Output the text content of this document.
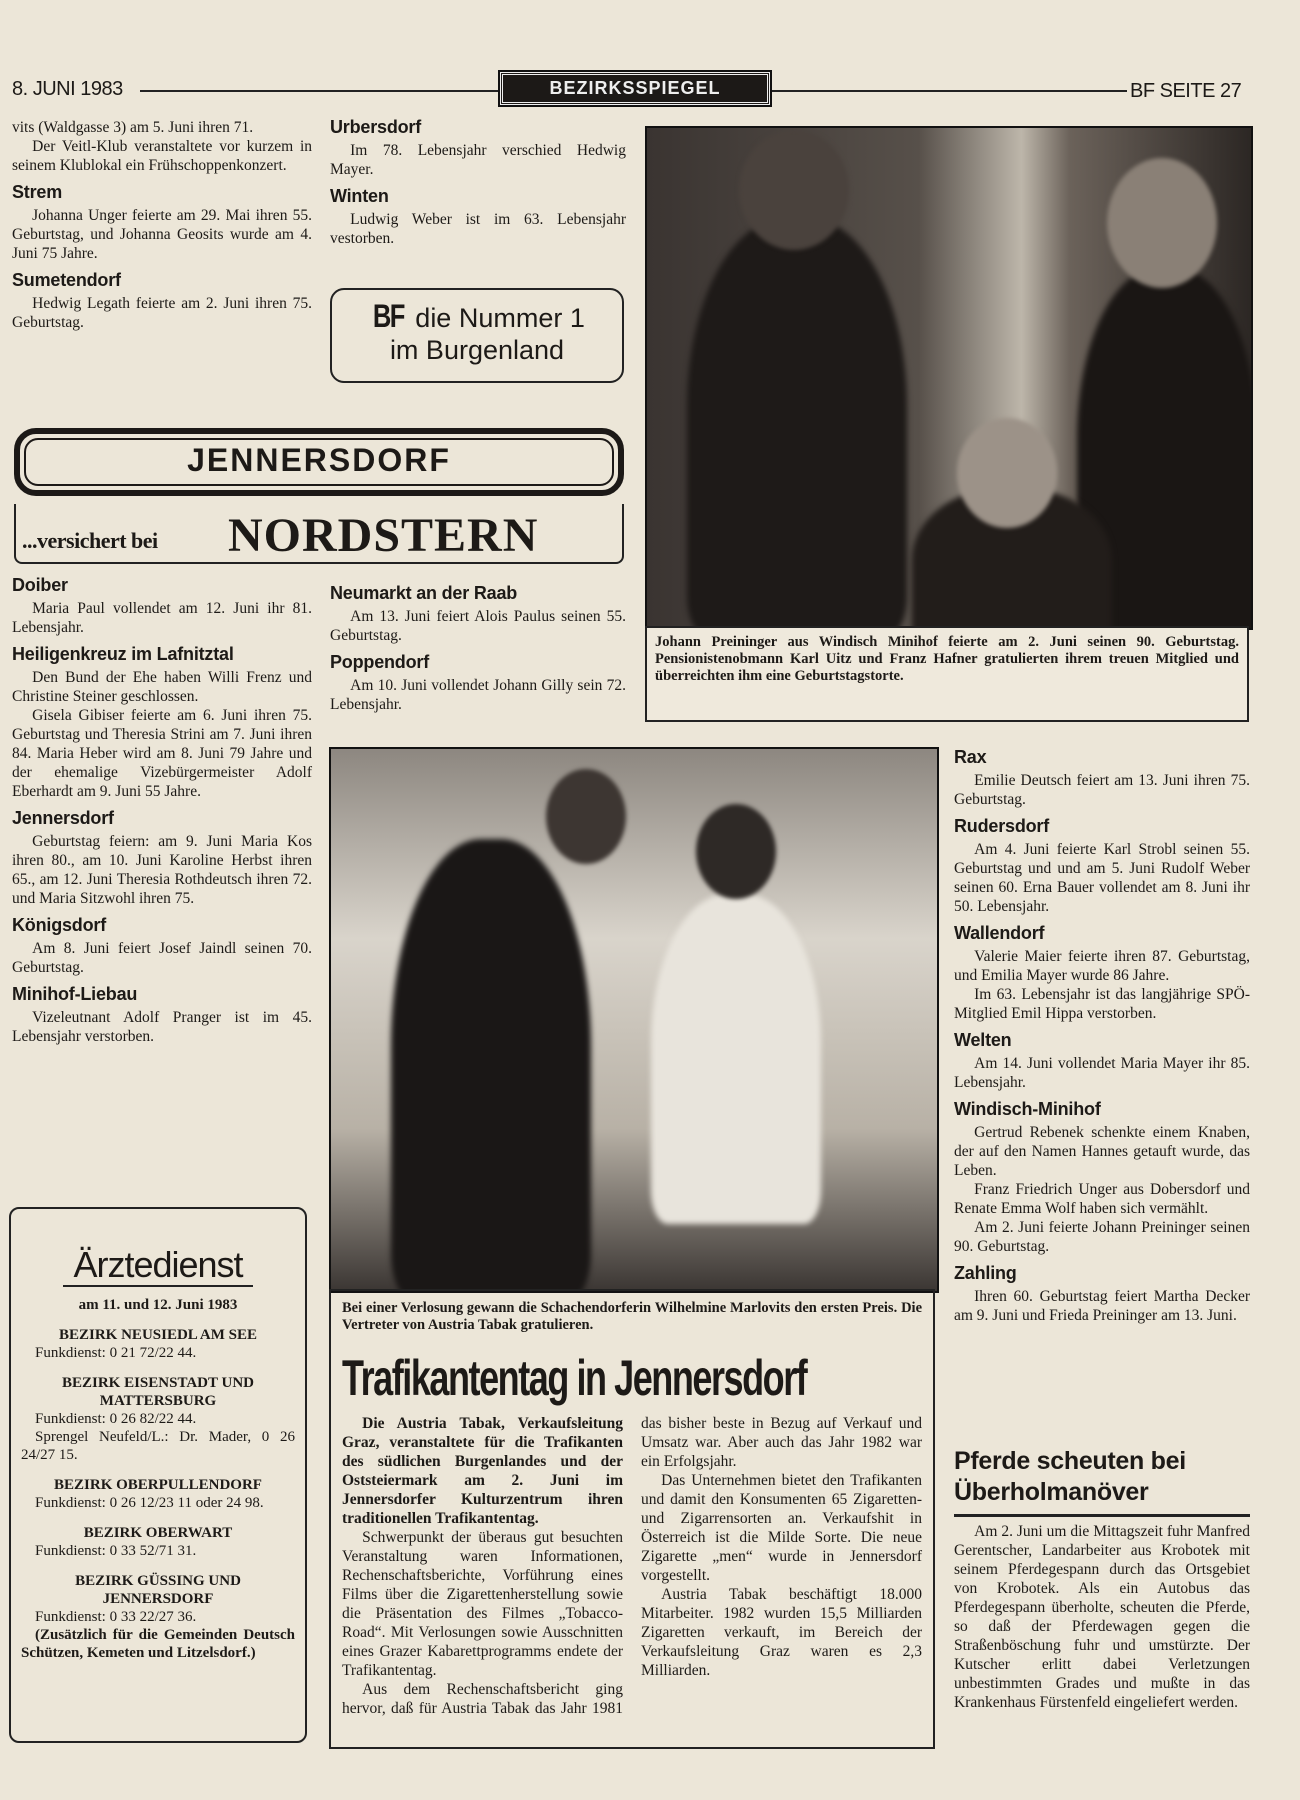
8. JUNI 1983	BEZIRKSSPIEGEL	BF SEITE 27

vits (Waldgasse 3) am 5. Juni ihren 71.

Der Veitl-Klub veranstaltete vor kurzem in seinem Klublokal ein Frühschoppenkonzert.

Strem

Johanna Unger feierte am 29. Mai ihren 55. Geburtstag, und Johanna Geosits wurde am 4. Juni 75 Jahre.

Sumetendorf

Hedwig Legath feierte am 2. Juni ihren 75. Geburtstag.

Urbersdorf

Im 78. Lebensjahr verschied Hedwig Mayer.

Winten

Ludwig Weber ist im 63. Lebensjahr vestorben.

BF die Nummer 1
im Burgenland
JENNERSDORF
...versichert bei NORDSTERN
Doiber

Maria Paul vollendet am 12. Juni ihr 81. Lebensjahr.

Heiligenkreuz im Lafnitztal

Den Bund der Ehe haben Willi Frenz und Christine Steiner geschlossen.

Gisela Gibiser feierte am 6. Juni ihren 75. Geburtstag und Theresia Strini am 7. Juni ihren 84. Maria Heber wird am 8. Juni 79 Jahre und der ehemalige Vizebürgermeister Adolf Eberhardt am 9. Juni 55 Jahre.

Jennersdorf

Geburtstag feiern: am 9. Juni Maria Kos ihren 80., am 10. Juni Karoline Herbst ihren 65., am 12. Juni Theresia Rothdeutsch ihren 72. und Maria Sitzwohl ihren 75.

Königsdorf

Am 8. Juni feiert Josef Jaindl seinen 70. Geburtstag.

Minihof-Liebau

Vizeleutnant Adolf Pranger ist im 45. Lebensjahr verstorben.

Neumarkt an der Raab

Am 13. Juni feiert Alois Paulus seinen 55. Geburtstag.

Poppendorf

Am 10. Juni vollendet Johann Gilly sein 72. Lebensjahr.

Ärztedienst
am 11. und 12. Juni 1983
BEZIRK NEUSIEDL AM SEE
Funkdienst: 0 21 72/22 44.
BEZIRK EISENSTADT UND MATTERSBURG
Funkdienst: 0 26 82/22 44.
Sprengel Neufeld/L.: Dr. Mader, 0 26 24/27 15.
BEZIRK OBERPULLENDORF
Funkdienst: 0 26 12/23 11 oder 24 98.
BEZIRK OBERWART
Funkdienst: 0 33 52/71 31.
BEZIRK GÜSSING UND JENNERSDORF
Funkdienst: 0 33 22/27 36.
(Zusätzlich für die Gemeinden Deutsch Schützen, Kemeten und Litzelsdorf.)
Johann Preininger aus Windisch Minihof feierte am 2. Juni seinen 90. Geburtstag. Pensionistenobmann Karl Uitz und Franz Hafner gratulierten ihrem treuen Mitglied und überreichten ihm eine Geburtstagstorte.
Bei einer Verlosung gewann die Schachendorferin Wilhelmine Marlovits den ersten Preis. Die Vertreter von Austria Tabak gratulieren.
Trafikantentag in Jennersdorf

Die Austria Tabak, Verkaufsleitung Graz, veranstaltete für die Trafikanten des südlichen Burgenlandes und der Oststeiermark am 2. Juni im Jennersdorfer Kulturzentrum ihren traditionellen Trafikantentag.

Schwerpunkt der überaus gut besuchten Veranstaltung waren Informationen, Rechenschaftsberichte, Vorführung eines Films über die Zigarettenherstellung sowie die Präsentation des Filmes „Tobacco-Road“. Mit Verlosungen sowie Ausschnitten eines Grazer Kabarettprogramms endete der Trafikantentag.

Aus dem Rechenschaftsbericht ging hervor, daß für Austria Tabak das Jahr 1981 das bisher beste in Bezug auf Verkauf und Umsatz war. Aber auch das Jahr 1982 war ein Erfolgsjahr.

Das Unternehmen bietet den Trafikanten und damit den Konsumenten 65 Zigaretten- und Zigarrensorten an. Verkaufshit in Österreich ist die Milde Sorte. Die neue Zigarette „men“ wurde in Jennersdorf vorgestellt.

Austria Tabak beschäftigt 18.000 Mitarbeiter. 1982 wurden 15,5 Milliarden Zigaretten verkauft, im Bereich der Verkaufsleitung Graz waren es 2,3 Milliarden.

Rax

Emilie Deutsch feiert am 13. Juni ihren 75. Geburtstag.

Rudersdorf

Am 4. Juni feierte Karl Strobl seinen 55. Geburtstag und und am 5. Juni Rudolf Weber seinen 60. Erna Bauer vollendet am 8. Juni ihr 50. Lebensjahr.

Wallendorf

Valerie Maier feierte ihren 87. Geburtstag, und Emilia Mayer wurde 86 Jahre.

Im 63. Lebensjahr ist das langjährige SPÖ-Mitglied Emil Hippa verstorben.

Welten

Am 14. Juni vollendet Maria Mayer ihr 85. Lebensjahr.

Windisch-Minihof

Gertrud Rebenek schenkte einem Knaben, der auf den Namen Hannes getauft wurde, das Leben.

Franz Friedrich Unger aus Dobersdorf und Renate Emma Wolf haben sich vermählt.

Am 2. Juni feierte Johann Preininger seinen 90. Geburtstag.

Zahling

Ihren 60. Geburtstag feiert Martha Decker am 9. Juni und Frieda Preininger am 13. Juni.

Pferde scheuten bei Überholmanöver

Am 2. Juni um die Mittagszeit fuhr Manfred Gerentscher, Landarbeiter aus Krobotek mit seinem Pferdegespann durch das Ortsgebiet von Krobotek. Als ein Autobus das Pferdegespann überholte, scheuten die Pferde, so daß der Pferdewagen gegen die Straßenböschung fuhr und umstürzte. Der Kutscher erlitt dabei Verletzungen unbestimmten Grades und mußte in das Krankenhaus Fürstenfeld eingeliefert werden.
